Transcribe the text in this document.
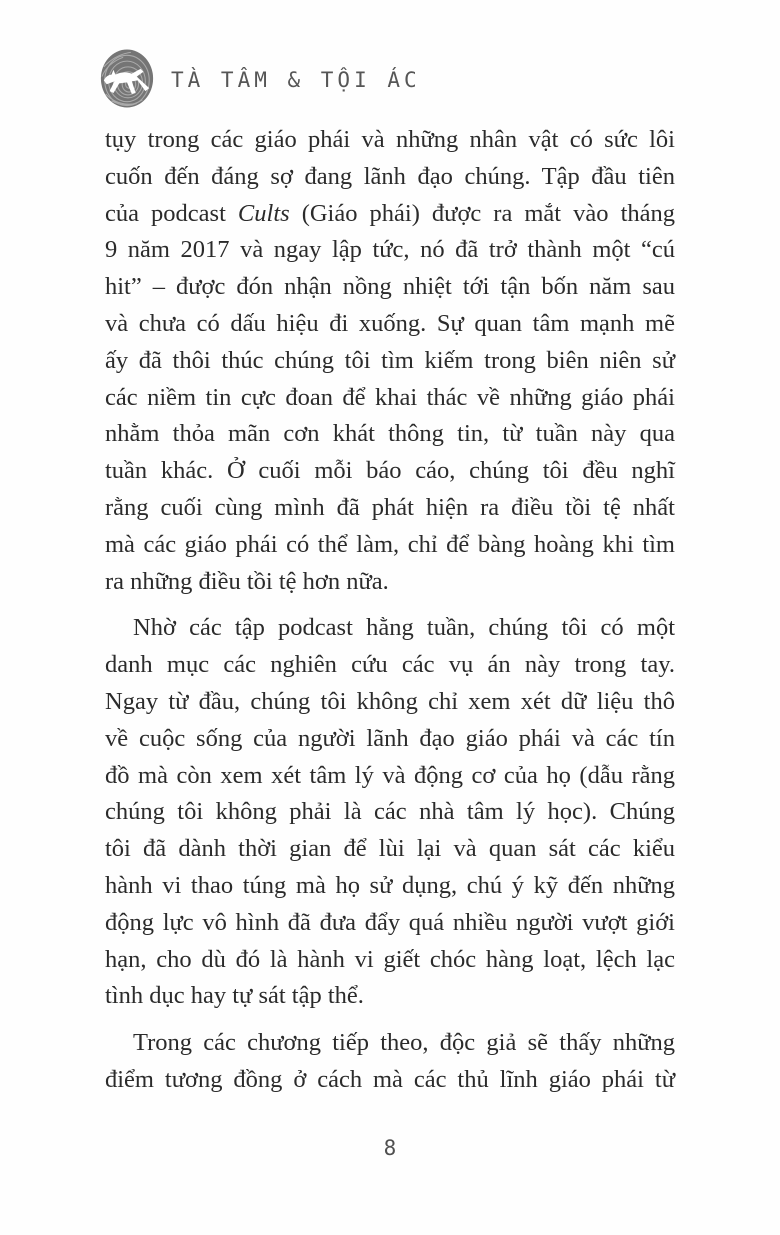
TÀ TÂM & TỘI ÁC
tụy trong các giáo phái và những nhân vật có sức lôi
cuốn đến đáng sợ đang lãnh đạo chúng. Tập đầu tiên
của podcast Cults (Giáo phái) được ra mắt vào tháng
9 năm 2017 và ngay lập tức, nó đã trở thành một “cú
hit” – được đón nhận nồng nhiệt tới tận bốn năm sau
và chưa có dấu hiệu đi xuống. Sự quan tâm mạnh mẽ
ấy đã thôi thúc chúng tôi tìm kiếm trong biên niên sử
các niềm tin cực đoan để khai thác về những giáo phái
nhằm thỏa mãn cơn khát thông tin, từ tuần này qua
tuần khác. Ở cuối mỗi báo cáo, chúng tôi đều nghĩ
rằng cuối cùng mình đã phát hiện ra điều tồi tệ nhất
mà các giáo phái có thể làm, chỉ để bàng hoàng khi tìm
ra những điều tồi tệ hơn nữa.
Nhờ các tập podcast hằng tuần, chúng tôi có một
danh mục các nghiên cứu các vụ án này trong tay.
Ngay từ đầu, chúng tôi không chỉ xem xét dữ liệu thô
về cuộc sống của người lãnh đạo giáo phái và các tín
đồ mà còn xem xét tâm lý và động cơ của họ (dẫu rằng
chúng tôi không phải là các nhà tâm lý học). Chúng
tôi đã dành thời gian để lùi lại và quan sát các kiểu
hành vi thao túng mà họ sử dụng, chú ý kỹ đến những
động lực vô hình đã đưa đẩy quá nhiều người vượt giới
hạn, cho dù đó là hành vi giết chóc hàng loạt, lệch lạc
tình dục hay tự sát tập thể.
Trong các chương tiếp theo, độc giả sẽ thấy những
điểm tương đồng ở cách mà các thủ lĩnh giáo phái từ
8
